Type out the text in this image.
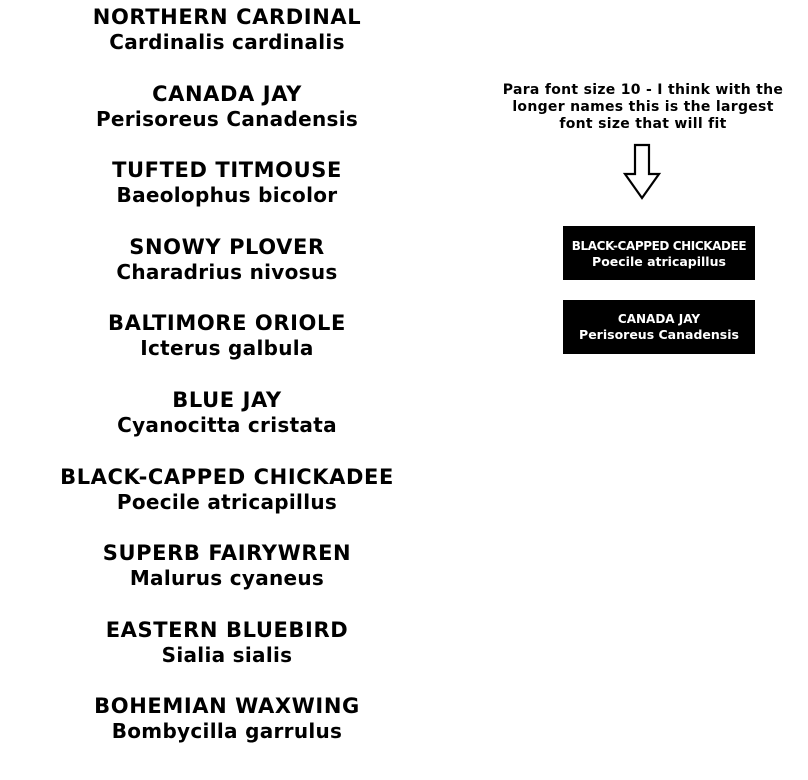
NORTHERN CARDINAL
Cardinalis cardinalis
CANADA JAY
Perisoreus Canadensis
TUFTED TITMOUSE
Baeolophus bicolor
SNOWY PLOVER
Charadrius nivosus
BALTIMORE ORIOLE
Icterus galbula
BLUE JAY
Cyanocitta cristata
BLACK-CAPPED CHICKADEE
Poecile atricapillus
SUPERB FAIRYWREN
Malurus cyaneus
EASTERN BLUEBIRD
Sialia sialis
BOHEMIAN WAXWING
Bombycilla garrulus
Para font size 10 - I think with the
longer names this is the largest
font size that will fit
BLACK-CAPPED CHICKADEE
Poecile atricapillus
CANADA JAY
Perisoreus Canadensis
